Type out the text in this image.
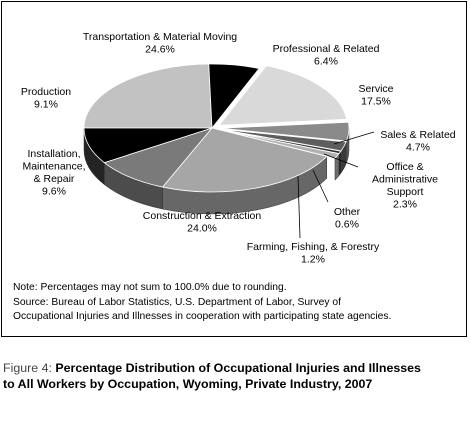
Transportation & Material Moving 24.6%	Professional & Related 6.4%
Service 17.5%
Sales & Related 4.7%
Office & Administrative Support 2.3%
Other 0.6%
Farming, Fishing, & Forestry 1.2%
Construction & Extraction 24.0%
Installation, Maintenance, & Repair 9.6%
Production 9.1%
Note: Percentages may not sum to 100.0% due to rounding.
Source: Bureau of Labor Statistics, U.S. Department of Labor, Survey of
Occupational Injuries and Illnesses in cooperation with participating state agencies.
Figure 4: Percentage Distribution of Occupational Injuries and Illnesses
to All Workers by Occupation, Wyoming, Private Industry, 2007
